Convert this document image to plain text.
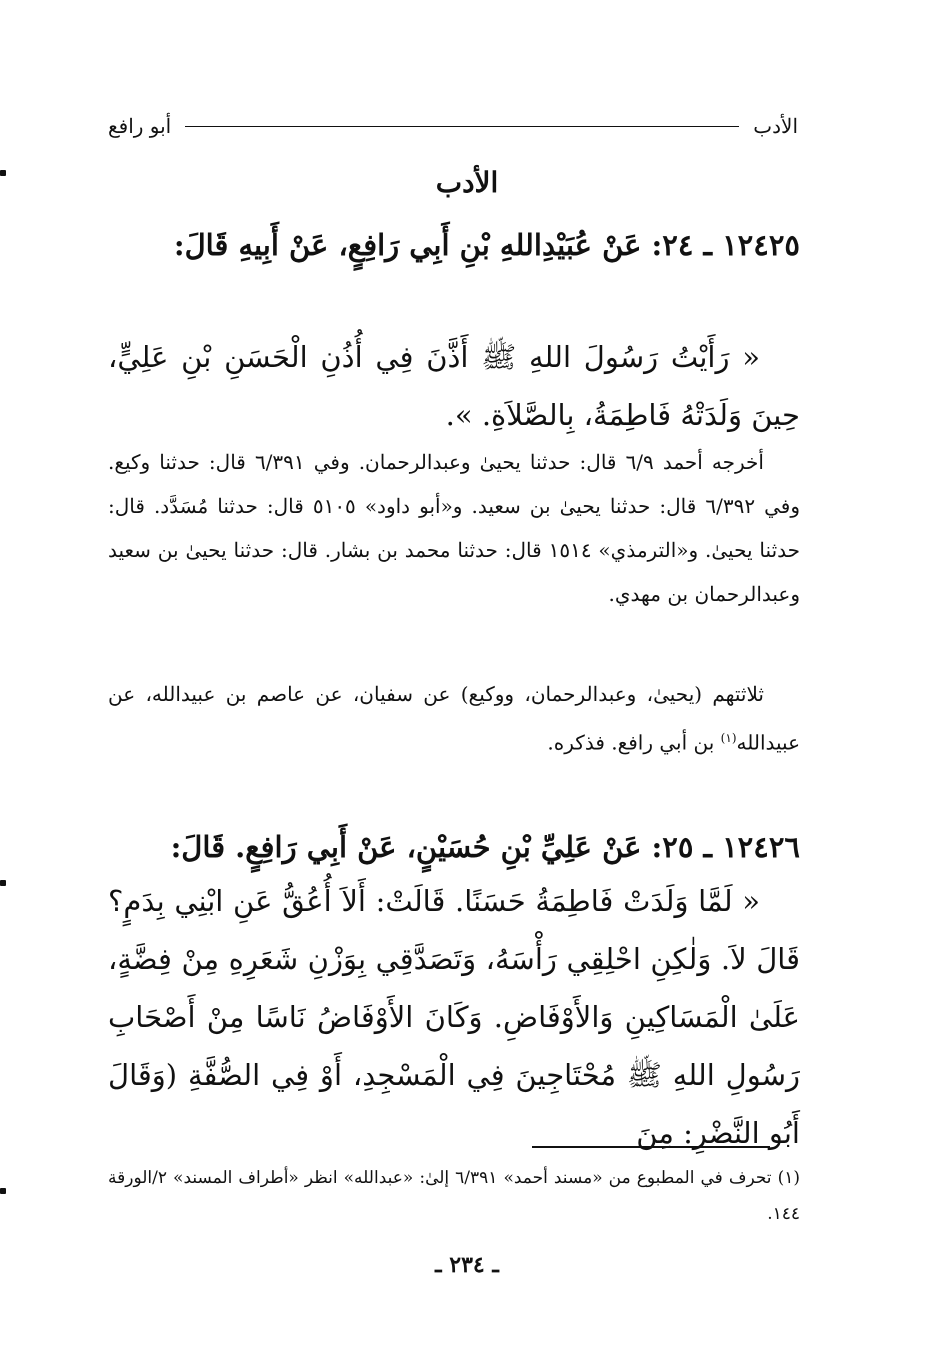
الأدب
أبو رافع
الأدب
١٢٤٢٥ ـ ٢٤: عَنْ عُبَيْدِاللهِ بْنِ أَبِي رَافِعٍ، عَنْ أَبِيهِ قَالَ:
« رَأَيْتُ رَسُولَ اللهِ ﷺ أَذَّنَ فِي أُذُنِ الْحَسَنِ بْنِ عَلِيٍّ، حِينَ وَلَدَتْهُ فَاطِمَةُ، بِالصَّلاَةِ. ».
أخرجه أحمد ٦/٩ قال: حدثنا يحيىٰ وعبدالرحمان. وفي ٦/٣٩١ قال: حدثنا وكيع. وفي ٦/٣٩٢ قال: حدثنا يحيىٰ بن سعيد. و«أبو داود» ٥١٠٥ قال: حدثنا مُسَدَّد. قال: حدثنا يحيىٰ. و«الترمذي» ١٥١٤ قال: حدثنا محمد بن بشار. قال: حدثنا يحيىٰ بن سعيد وعبدالرحمان بن مهدي.
ثلاثتهم (يحيىٰ، وعبدالرحمان، ووكيع) عن سفيان، عن عاصم بن عبيدالله، عن عبيدالله$^{(١)}$ بن أبي رافع. فذكره.
١٢٤٢٦ ـ ٢٥: عَنْ عَلِيِّ بْنِ حُسَيْنٍ، عَنْ أَبِي رَافِعٍ. قَالَ:
« لَمَّا وَلَدَتْ فَاطِمَةُ حَسَنًا. قَالَتْ: أَلاَ أُعُقُّ عَنِ ابْنِي بِدَمٍ؟ قَالَ لاَ. وَلٰكِنِ احْلِقِي رَأْسَهُ، وَتَصَدَّقِي بِوَزْنِ شَعَرِهِ مِنْ فِضَّةٍ، عَلَىٰ الْمَسَاكِينِ وَالأَوْفَاضِ. وَكَانَ الأَوْفَاضُ نَاسًا مِنْ أَصْحَابِ رَسُولِ اللهِ ﷺ مُحْتَاجِينَ فِي الْمَسْجِدِ، أَوْ فِي الصُّفَّةِ (وَقَالَ أَبُو النَّضْرِ: مِنَ
(١) تحرف في المطبوع من «مسند أحمد» ٦/٣٩١ إلىٰ: «عبدالله» انظر «أطراف المسند» ٢/الورقة ١٤٤.
ـ ٢٣٤ ـ
